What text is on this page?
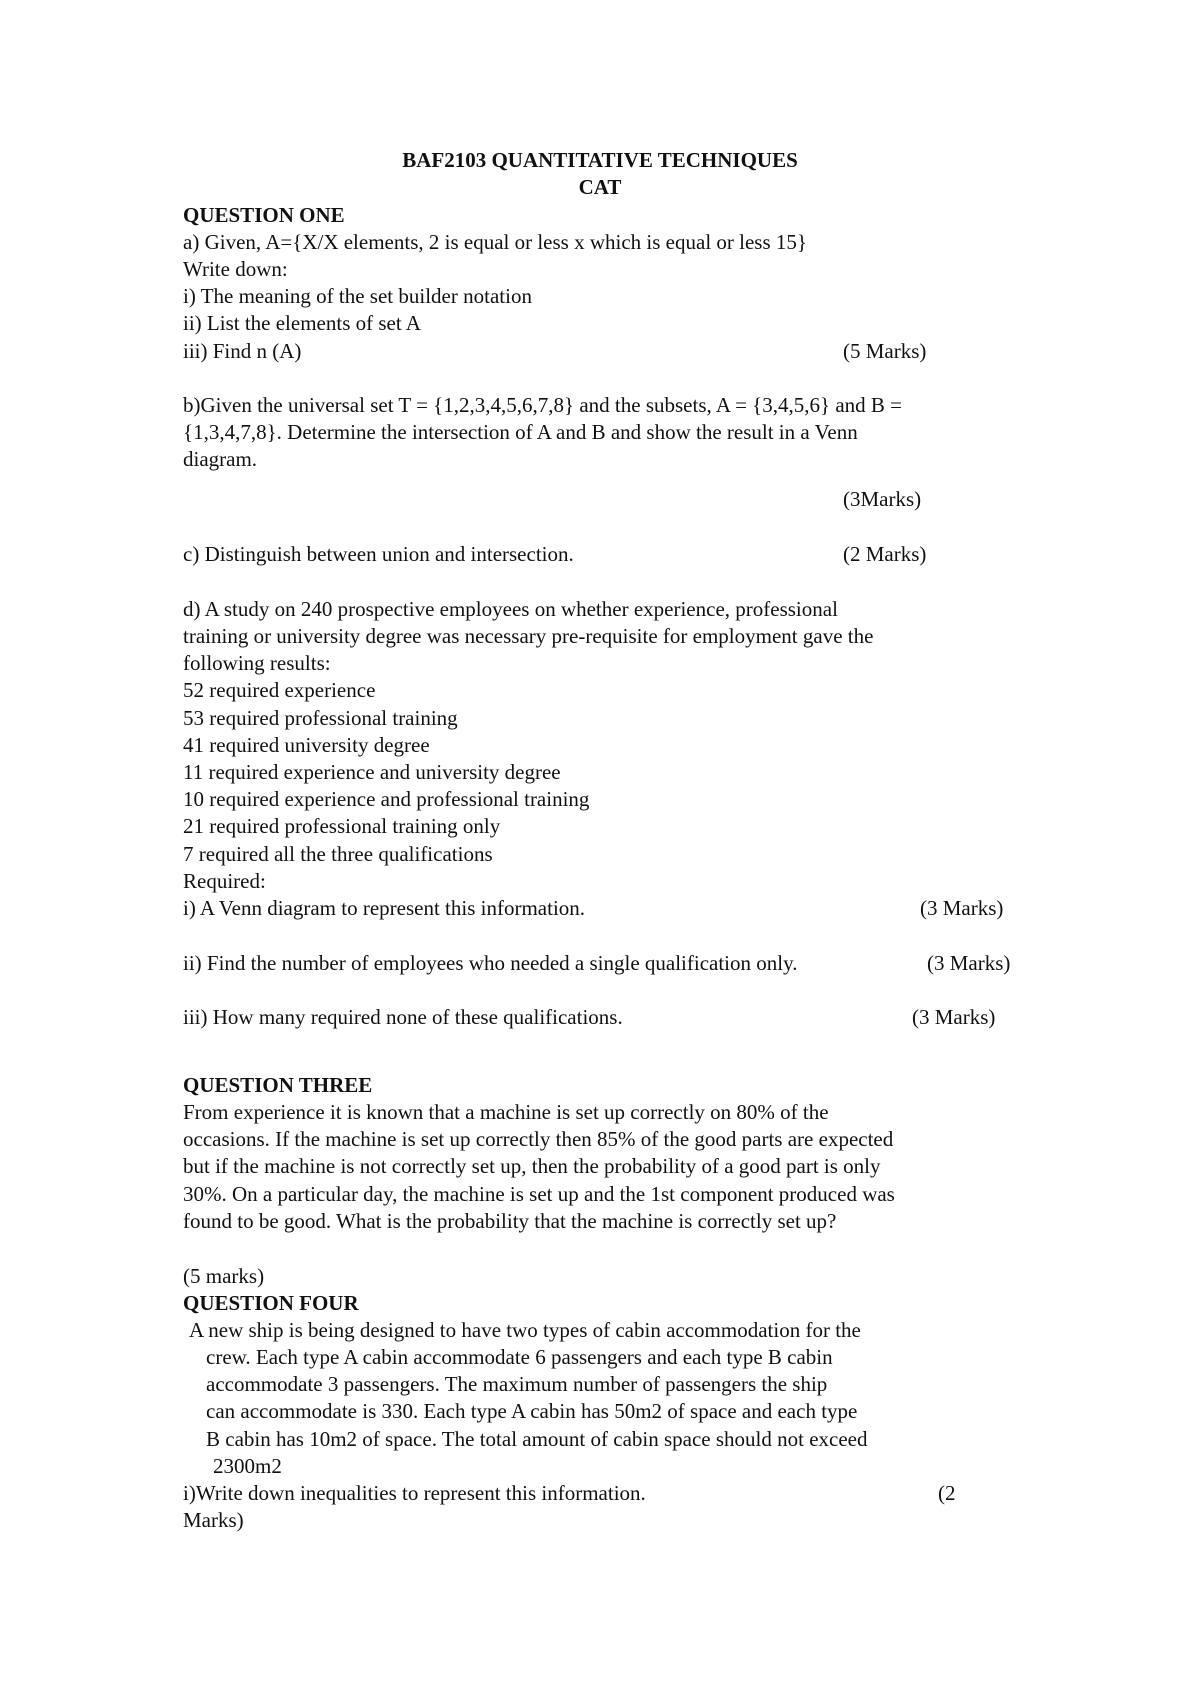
BAF2103 QUANTITATIVE TECHNIQUES
CAT
QUESTION ONE
a) Given, A={X/X elements, 2 is equal or less x which is equal or less 15}
Write down:
i) The meaning of the set builder notation
ii) List the elements of set A
iii) Find n (A)	(5 Marks)
b)Given the universal set T = {1,2,3,4,5,6,7,8} and the subsets, A = {3,4,5,6} and B =
{1,3,4,7,8}. Determine the intersection of A and B and show the result in a Venn
diagram.
(3Marks)
c) Distinguish between union and intersection.	(2 Marks)
d) A study on 240 prospective employees on whether experience, professional
training or university degree was necessary pre-requisite for employment gave the
following results:
52 required experience
53 required professional training
41 required university degree
11 required experience and university degree
10 required experience and professional training
21 required professional training only
7 required all the three qualifications
Required:
i) A Venn diagram to represent this information.	(3 Marks)
ii) Find the number of employees who needed a single qualification only.	(3 Marks)
iii) How many required none of these qualifications.	(3 Marks)
QUESTION THREE
From experience it is known that a machine is set up correctly on 80% of the
occasions. If the machine is set up correctly then 85% of the good parts are expected
but if the machine is not correctly set up, then the probability of a good part is only
30%. On a particular day, the machine is set up and the 1st component produced was
found to be good. What is the probability that the machine is correctly set up?
(5 marks)
QUESTION FOUR
A new ship is being designed to have two types of cabin accommodation for the
crew. Each type A cabin accommodate 6 passengers and each type B cabin
accommodate 3 passengers. The maximum number of passengers the ship
can accommodate is 330. Each type A cabin has 50m2 of space and each type
B cabin has 10m2 of space. The total amount of cabin space should not exceed
2300m2
i)Write down inequalities to represent this information.	(2
Marks)
